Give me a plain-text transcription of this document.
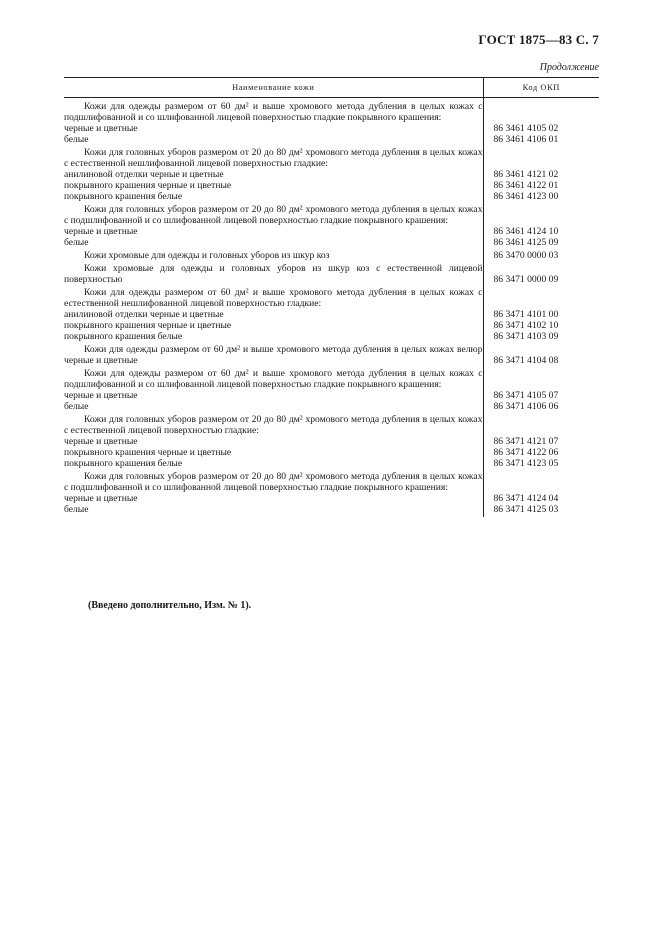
ГОСТ 1875—83 С. 7
Продолжение
Наименование кожи	Код ОКП
Кожи для одежды размером от 60 дм² и выше хромового метода дубления в целых кожах с подшлифованной и со шлифованной лицевой поверхностью гладкие покрывного крашения:	
черные и цветные	86 3461 4105 02
белые	86 3461 4106 01
Кожи для головных уборов размером от 20 до 80 дм² хромового метода дубления в целых кожах с естественной нешлифованной лицевой поверхностью гладкие:	
анилиновой отделки черные и цветные	86 3461 4121 02
покрывного крашения черные и цветные	86 3461 4122 01
покрывного крашения белые	86 3461 4123 00
Кожи для головных уборов размером от 20 до 80 дм² хромового метода дубления в целых кожах с подшлифованной и со шлифованной лицевой поверхностью гладкие покрывного крашения:	
черные и цветные	86 3461 4124 10
белые	86 3461 4125 09
Кожи хромовые для одежды и головных уборов из шкур коз	86 3470 0000 03
Кожи хромовые для одежды и головных уборов из шкур коз с естественной лицевой поверхностью	86 3471 0000 09
Кожи для одежды размером от 60 дм² и выше хромового метода дубления в целых кожах с естественной нешлифованной лицевой поверхностью гладкие:	
анилиновой отделки черные и цветные	86 3471 4101 00
покрывного крашения черные и цветные	86 3471 4102 10
покрывного крашения белые	86 3471 4103 09
Кожи для одежды размером от 60 дм² и выше хромового метода дубления в целых кожах велюр черные и цветные	86 3471 4104 08
Кожи для одежды размером от 60 дм² и выше хромового метода дубления в целых кожах с подшлифованной и со шлифованной лицевой поверхностью гладкие покрывного крашения:	
черные и цветные	86 3471 4105 07
белые	86 3471 4106 06
Кожи для головных уборов размером от 20 до 80 дм² хромового метода дубления в целых кожах с естественной лицевой поверхностью гладкие:	
черные и цветные	86 3471 4121 07
покрывного крашения черные и цветные	86 3471 4122 06
покрывного крашения белые	86 3471 4123 05
Кожи для головных уборов размером от 20 до 80 дм² хромового метода дубления в целых кожах с подшлифованной и со шлифованной лицевой поверхностью гладкие покрывного крашения:	
черные и цветные	86 3471 4124 04
белые	86 3471 4125 03
(Введено дополнительно, Изм. № 1).
